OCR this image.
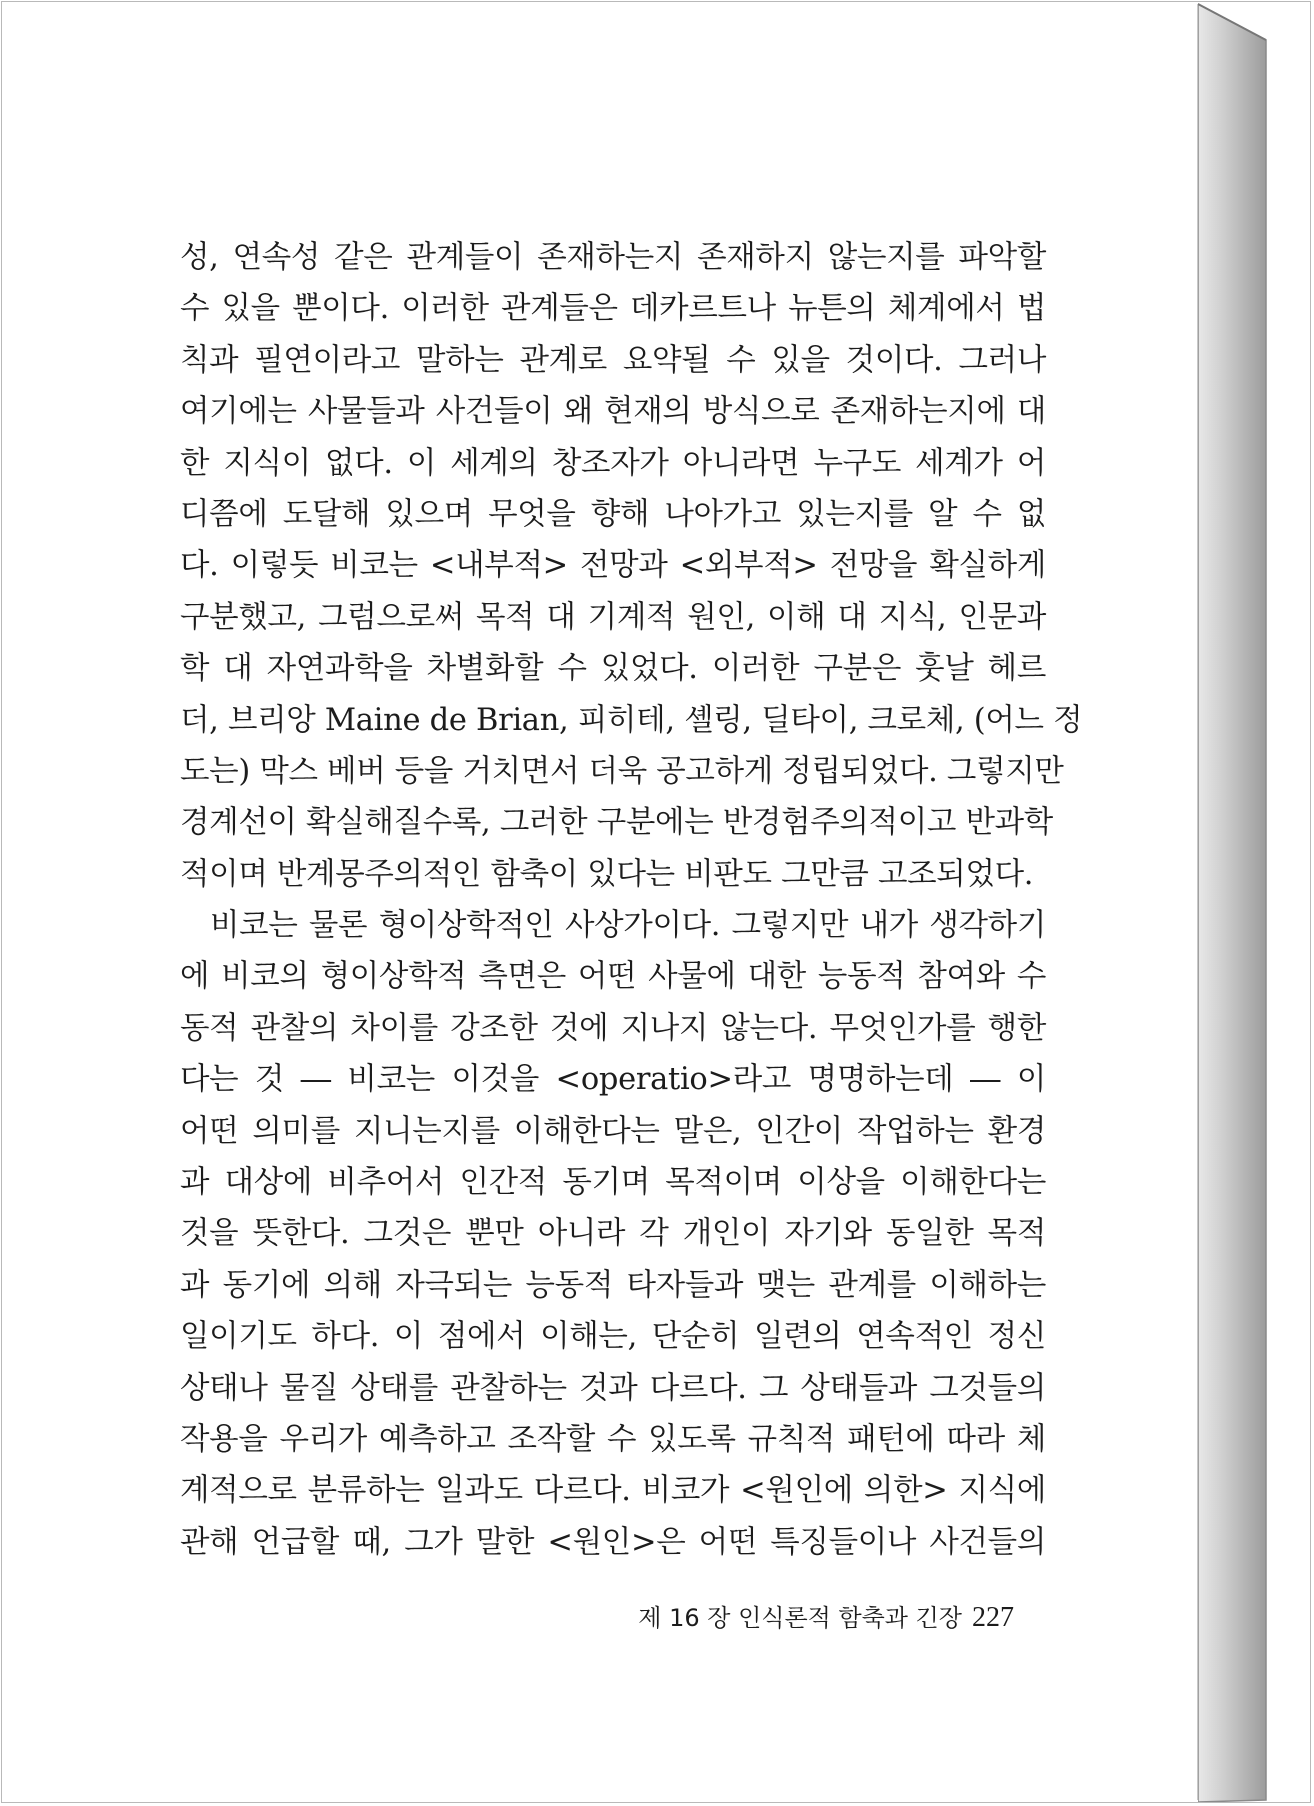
성, 연속성 같은 관계들이 존재하는지 존재하지 않는지를 파악할
수 있을 뿐이다. 이러한 관계들은 데카르트나 뉴튼의 체계에서 법
칙과 필연이라고 말하는 관계로 요약될 수 있을 것이다. 그러나
여기에는 사물들과 사건들이 왜 현재의 방식으로 존재하는지에 대
한 지식이 없다. 이 세계의 창조자가 아니라면 누구도 세계가 어
디쯤에 도달해 있으며 무엇을 향해 나아가고 있는지를 알 수 없
다. 이렇듯 비코는 <내부적> 전망과 <외부적> 전망을 확실하게
구분했고, 그럼으로써 목적 대 기계적 원인, 이해 대 지식, 인문과
학 대 자연과학을 차별화할 수 있었다. 이러한 구분은 훗날 헤르
더, 브리앙 Maine de Brian, 피히테, 셸링, 딜타이, 크로체, (어느 정
도는) 막스 베버 등을 거치면서 더욱 공고하게 정립되었다. 그렇지만
경계선이 확실해질수록, 그러한 구분에는 반경험주의적이고 반과학
적이며 반계몽주의적인 함축이 있다는 비판도 그만큼 고조되었다.
비코는 물론 형이상학적인 사상가이다. 그렇지만 내가 생각하기
에 비코의 형이상학적 측면은 어떤 사물에 대한 능동적 참여와 수
동적 관찰의 차이를 강조한 것에 지나지 않는다. 무엇인가를 행한
다는 것 ― 비코는 이것을 <operatio>라고 명명하는데 ― 이
어떤 의미를 지니는지를 이해한다는 말은, 인간이 작업하는 환경
과 대상에 비추어서 인간적 동기며 목적이며 이상을 이해한다는
것을 뜻한다. 그것은 뿐만 아니라 각 개인이 자기와 동일한 목적
과 동기에 의해 자극되는 능동적 타자들과 맺는 관계를 이해하는
일이기도 하다. 이 점에서 이해는, 단순히 일련의 연속적인 정신
상태나 물질 상태를 관찰하는 것과 다르다. 그 상태들과 그것들의
작용을 우리가 예측하고 조작할 수 있도록 규칙적 패턴에 따라 체
계적으로 분류하는 일과도 다르다. 비코가 <원인에 의한> 지식에
관해 언급할 때, 그가 말한 <원인>은 어떤 특징들이나 사건들의
제 16 장 인식론적 함축과 긴장 227
